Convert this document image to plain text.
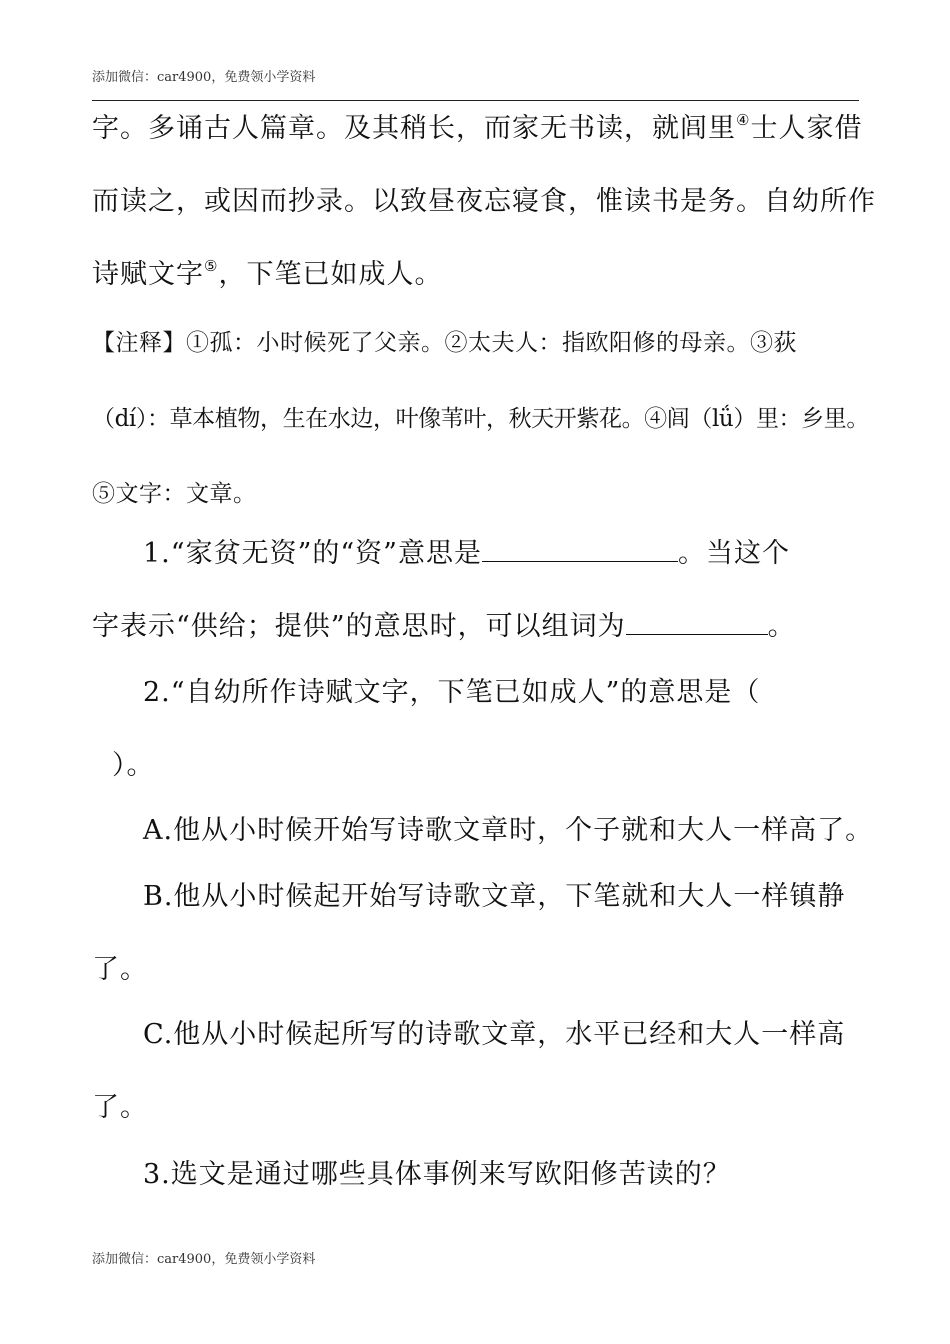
添加微信：car4900，免费领小学资料
字。多诵古人篇章。及其稍长，而家无书读，就闾里④士人家借
而读之，或因而抄录。以致昼夜忘寝食，惟读书是务。自幼所作
诗赋文字⑤，下笔已如成人。
【注释】①孤：小时候死了父亲。②太夫人：指欧阳修的母亲。③荻
（dí）：草本植物，生在水边，叶像苇叶，秋天开紫花。④闾（lǘ）里：乡里。
⑤文字：文章。
1.“家贫无资”的“资”意思是	。当这个
字表示“供给；提供”的意思时，可以组词为	。
2.“自幼所作诗赋文字，下笔已如成人”的意思是（
）。
A.他从小时候开始写诗歌文章时，个子就和大人一样高了。
B.他从小时候起开始写诗歌文章，下笔就和大人一样镇静
了。
C.他从小时候起所写的诗歌文章，水平已经和大人一样高
了。
3.选文是通过哪些具体事例来写欧阳修苦读的？
添加微信：car4900，免费领小学资料
